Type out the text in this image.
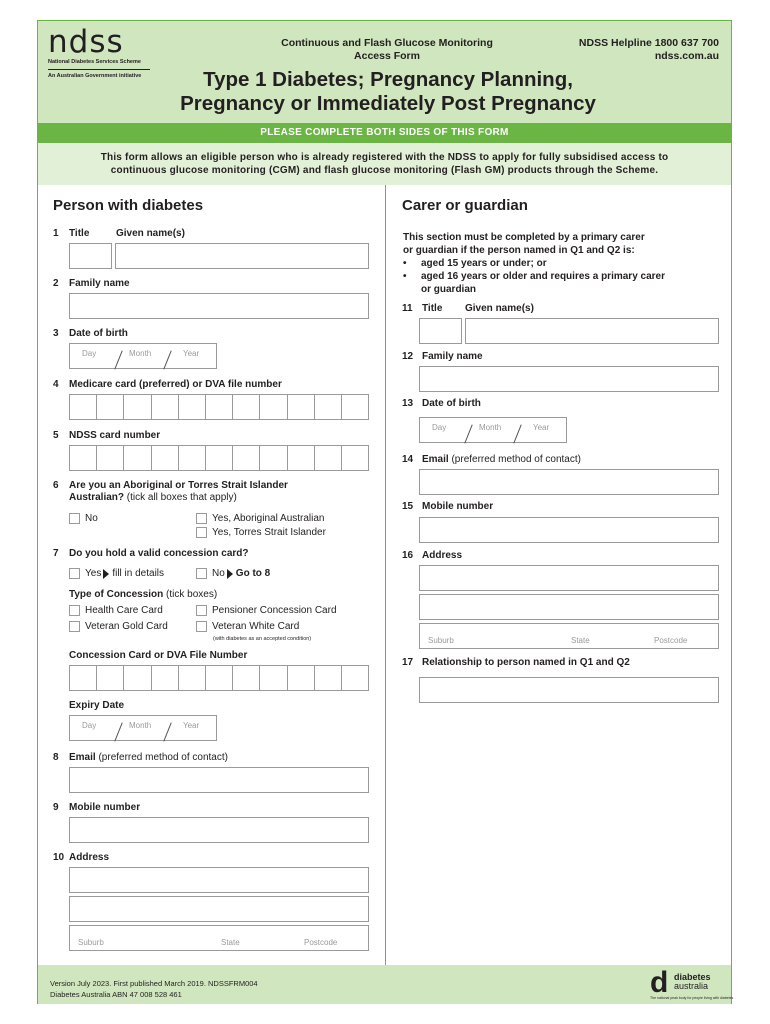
ndss
National Diabetes Services Scheme
An Australian Government initiative
Continuous and Flash Glucose Monitoring
Access Form
NDSS Helpline 1800 637 700
ndss.com.au
Type 1 Diabetes; Pregnancy Planning,
Pregnancy or Immediately Post Pregnancy
PLEASE COMPLETE BOTH SIDES OF THIS FORM
This form allows an eligible person who is already registered with the NDSS to apply for fully subsidised access to
continuous glucose monitoring (CGM) and flash glucose monitoring (Flash GM) products through the Scheme.
Person with diabetes
1 Title	Given name(s)
2 Family name
3 Date of birth
Day	Month	Year
4 Medicare card (preferred) or DVA file number
5 NDSS card number
6 Are you an Aboriginal or Torres Strait Islander
Australian? (tick all boxes that apply)
No	Yes, Aboriginal Australian
Yes, Torres Strait Islander
7 Do you hold a valid concession card?
Yes fill in details	No Go to 8
Type of Concession (tick boxes)
Health Care Card	Pensioner Concession Card
Veteran Gold Card	Veteran White Card
(with diabetes as an accepted condition)
Concession Card or DVA File Number
Expiry Date
Day	Month	Year
8 Email (preferred method of contact)
9 Mobile number
10 Address
Suburb	State	Postcode
Carer or guardian
This section must be completed by a primary carer
or guardian if the person named in Q1 and Q2 is:
• aged 15 years or under; or
• aged 16 years or older and requires a primary carer
or guardian
11 Title Given name(s)
12 Family name
13 Date of birth
Day	Month	Year
14 Email (preferred method of contact)
15 Mobile number
16 Address
Suburb	State	Postcode
17 Relationship to person named in Q1 and Q2
Version July 2023. First published March 2019. NDSSFRM004
Diabetes Australia ABN 47 008 528 461	d diabetes
australia
The national peak body for people living with diabetes
